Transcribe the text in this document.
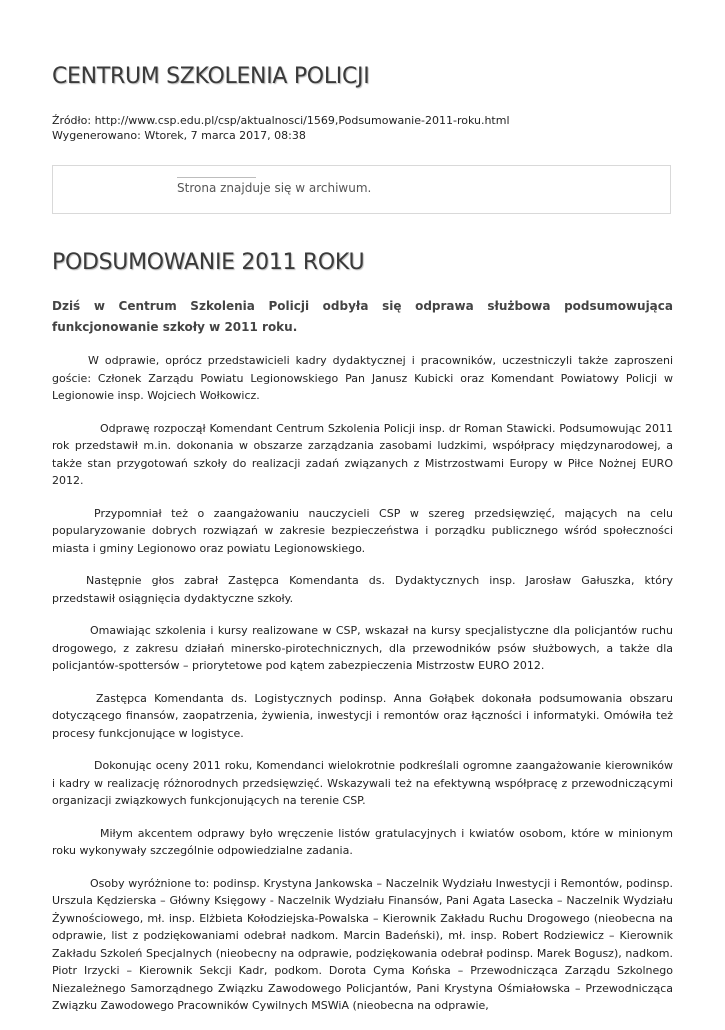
CENTRUM SZKOLENIA POLICJI
Źródło: http://www.csp.edu.pl/csp/aktualnosci/1569,Podsumowanie-2011-roku.html
Wygenerowano: Wtorek, 7 marca 2017, 08:38
Strona znajduje się w archiwum.
PODSUMOWANIE 2011 ROKU

Dziś w Centrum Szkolenia Policji odbyła się odprawa służbowa podsumowująca funkcjonowanie szkoły w 2011 roku.

W odprawie, oprócz przedstawicieli kadry dydaktycznej i pracowników, uczestniczyli także zaproszeni goście: Członek Zarządu Powiatu Legionowskiego Pan Janusz Kubicki oraz Komendant Powiatowy Policji w Legionowie insp. Wojciech Wołkowicz.

Odprawę rozpoczął Komendant Centrum Szkolenia Policji insp. dr Roman Stawicki. Podsumowując 2011 rok przedstawił m.in. dokonania w obszarze zarządzania zasobami ludzkimi, współpracy międzynarodowej, a także stan przygotowań szkoły do realizacji zadań związanych z Mistrzostwami Europy w Piłce Nożnej EURO 2012.

Przypomniał też o zaangażowaniu nauczycieli CSP w szereg przedsięwzięć, mających na celu popularyzowanie dobrych rozwiązań w zakresie bezpieczeństwa i porządku publicznego wśród społeczności miasta i gminy Legionowo oraz powiatu Legionowskiego.

Następnie głos zabrał Zastępca Komendanta ds. Dydaktycznych insp. Jarosław Gałuszka, który przedstawił osiągnięcia dydaktyczne szkoły.

Omawiając szkolenia i kursy realizowane w CSP, wskazał na kursy specjalistyczne dla policjantów ruchu drogowego, z zakresu działań minersko-pirotechnicznych, dla przewodników psów służbowych, a także dla policjantów-spottersów – priorytetowe pod kątem zabezpieczenia Mistrzostw EURO 2012.

Zastępca Komendanta ds. Logistycznych podinsp. Anna Gołąbek dokonała podsumowania obszaru dotyczącego finansów, zaopatrzenia, żywienia, inwestycji i remontów oraz łączności i informatyki. Omówiła też procesy funkcjonujące w logistyce.

Dokonując oceny 2011 roku, Komendanci wielokrotnie podkreślali ogromne zaangażowanie kierowników i kadry w realizację różnorodnych przedsięwzięć. Wskazywali też na efektywną współpracę z przewodniczącymi organizacji związkowych funkcjonujących na terenie CSP.

Miłym akcentem odprawy było wręczenie listów gratulacyjnych i kwiatów osobom, które w minionym roku wykonywały szczególnie odpowiedzialne zadania.

Osoby wyróżnione to: podinsp. Krystyna Jankowska – Naczelnik Wydziału Inwestycji i Remontów, podinsp. Urszula Kędzierska – Główny Księgowy - Naczelnik Wydziału Finansów, Pani Agata Lasecka – Naczelnik Wydziału Żywnościowego, mł. insp. Elżbieta Kołodziejska-Powalska – Kierownik Zakładu Ruchu Drogowego (nieobecna na odprawie, list z podziękowaniami odebrał nadkom. Marcin Badeński), mł. insp. Robert Rodziewicz – Kierownik Zakładu Szkoleń Specjalnych (nieobecny na odprawie, podziękowania odebrał podinsp. Marek Bogusz), nadkom. Piotr Irzycki – Kierownik Sekcji Kadr, podkom. Dorota Cyma Końska – Przewodnicząca Zarządu Szkolnego Niezależnego Samorządnego Związku Zawodowego Policjantów, Pani Krystyna Ośmiałowska – Przewodnicząca Związku Zawodowego Pracowników Cywilnych MSWiA (nieobecna na odprawie,
